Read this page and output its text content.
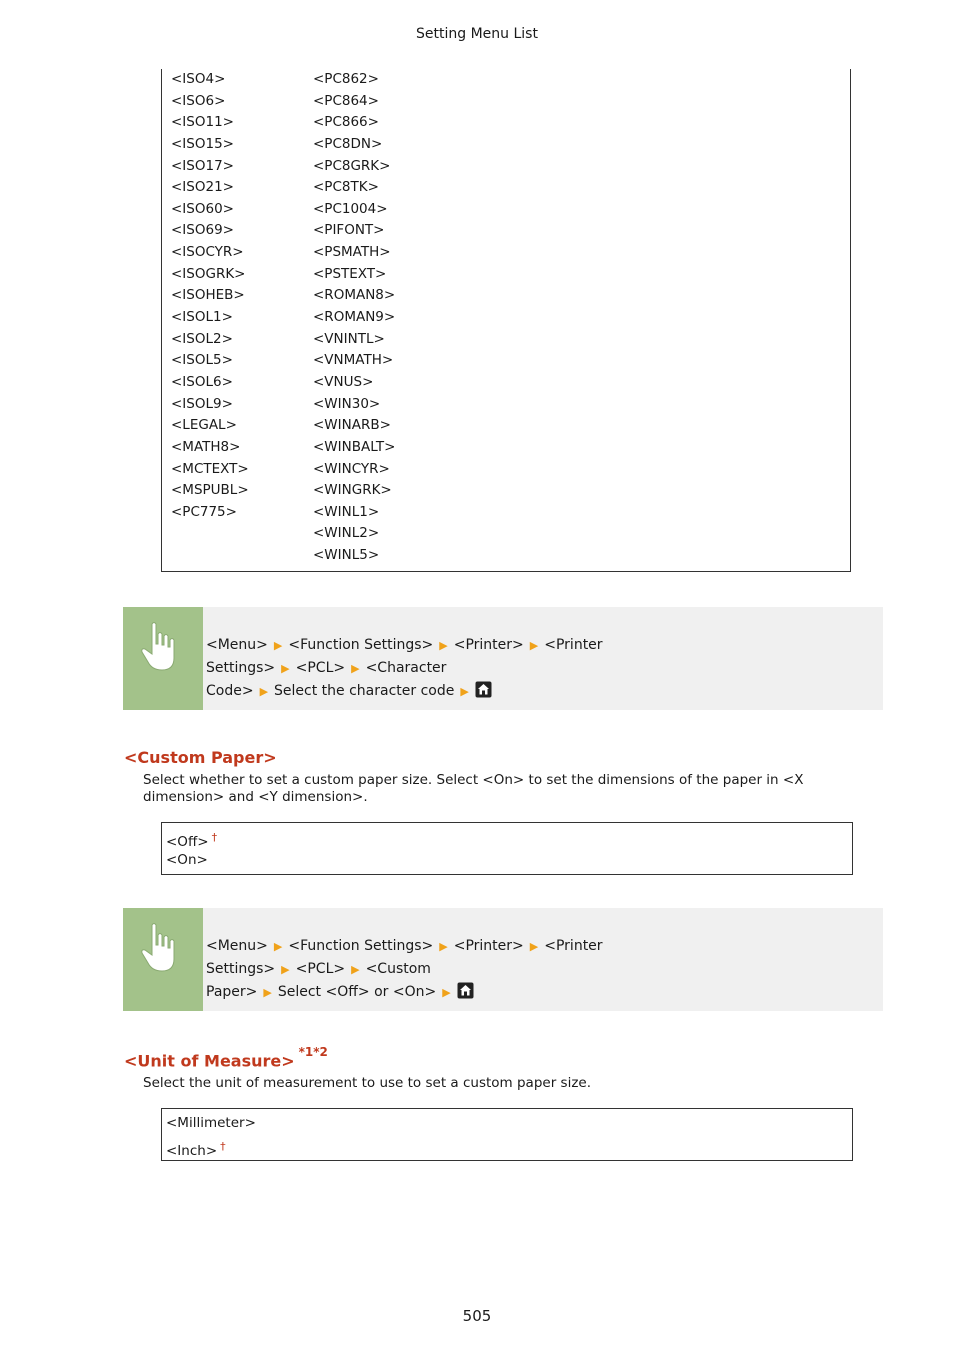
Setting Menu List
<ISO4>
<ISO6>
<ISO11>
<ISO15>
<ISO17>
<ISO21>
<ISO60>
<ISO69>
<ISOCYR>
<ISOGRK>
<ISOHEB>
<ISOL1>
<ISOL2>
<ISOL5>
<ISOL6>
<ISOL9>
<LEGAL>
<MATH8>
<MCTEXT>
<MSPUBL>
<PC775>
<PC862>
<PC864>
<PC866>
<PC8DN>
<PC8GRK>
<PC8TK>
<PC1004>
<PIFONT>
<PSMATH>
<PSTEXT>
<ROMAN8>
<ROMAN9>
<VNINTL>
<VNMATH>
<VNUS>
<WIN30>
<WINARB>
<WINBALT>
<WINCYR>
<WINGRK>
<WINL1>
<WINL2>
<WINL5>
<Menu> ▶ <Function Settings> ▶ <Printer> ▶ <Printer Settings> ▶ <PCL> ▶ <Character
Code> ▶ Select the character code ▶
<Custom Paper>
Select whether to set a custom paper size. Select <On> to set the dimensions of the paper in <X dimension> and <Y dimension>.
<Off> †
<On>
<Menu> ▶ <Function Settings> ▶ <Printer> ▶ <Printer Settings> ▶ <PCL> ▶ <Custom
Paper> ▶ Select <Off> or <On> ▶
<Unit of Measure> $^{*1*2}$
Select the unit of measurement to use to set a custom paper size.
<Millimeter>
<Inch> †
505
